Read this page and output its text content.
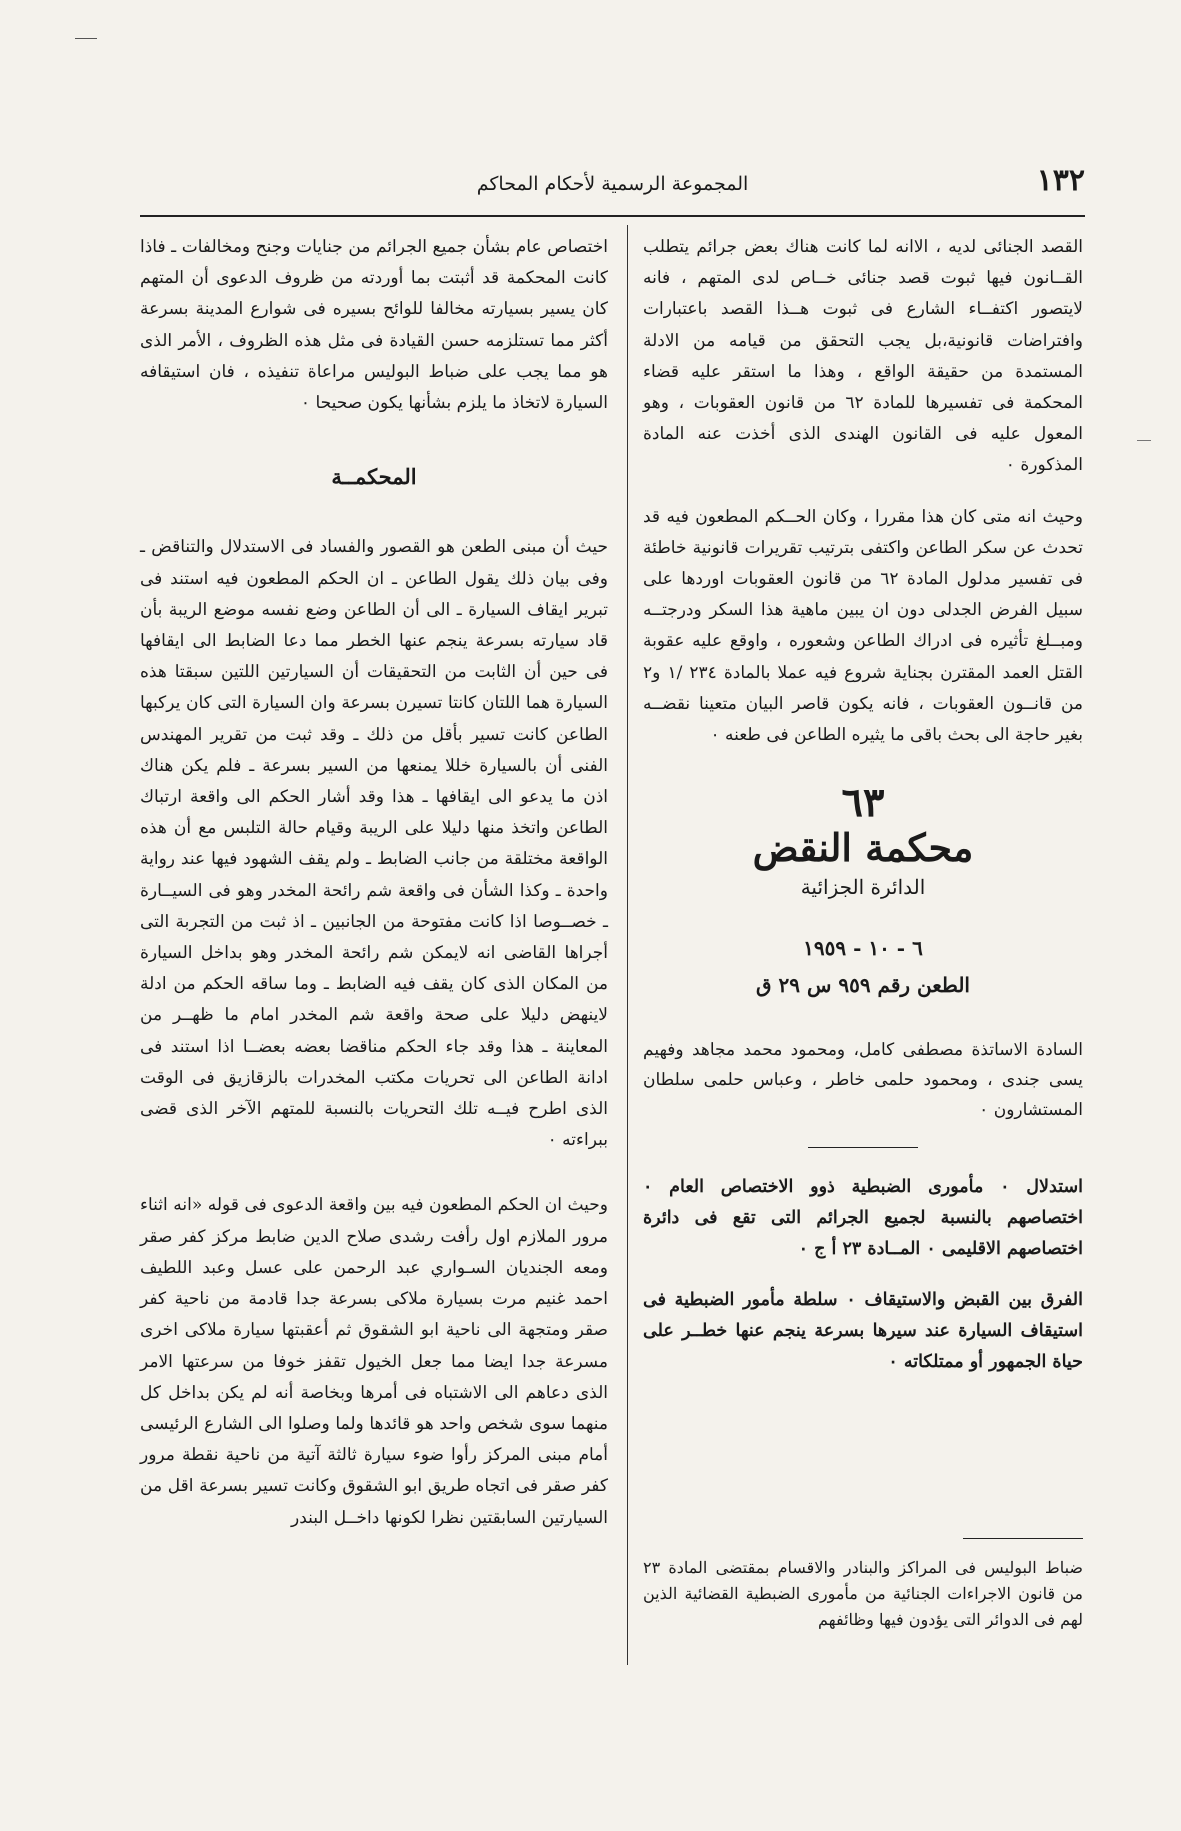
١٣٢
المجموعة الرسمية لأحكام المحاكم

القصد الجنائى لديه ، الاانه لما كانت هناك بعض جرائم يتطلب القــانون فيها ثبوت قصد جنائى خــاص لدى المتهم ، فانه لايتصور اكتفــاء الشارع فى ثبوت هــذا القصد باعتبارات وافتراضات قانونية،بل يجب التحقق من قيامه من الادلة المستمدة من حقيقة الواقع ، وهذا ما استقر عليه قضاء المحكمة فى تفسيرها للمادة ٦٢ من قانون العقوبات ، وهو المعول عليه فى القانون الهندى الذى أخذت عنه المادة المذكورة ٠

وحيث انه متى كان هذا مقررا ، وكان الحــكم المطعون فيه قد تحدث عن سكر الطاعن واكتفى بترتيب تقريرات قانونية خاطئة فى تفسير مدلول المادة ٦٢ من قانون العقوبات اوردها على سبيل الفرض الجدلى دون ان يبين ماهية هذا السكر ودرجتــه ومبــلغ تأثيره فى ادراك الطاعن وشعوره ، واوقع عليه عقوبة القتل العمد المقترن بجناية شروع فيه عملا بالمادة ٢٣٤ /١ و٢ من قانــون العقوبات ، فانه يكون قاصر البيان متعينا نقضــه بغير حاجة الى بحث باقى ما يثيره الطاعن فى طعنه ٠

٦٣
محكمة النقض
الدائرة الجزائية
٦ - ١٠ - ١٩٥٩
الطعن رقم ٩٥٩ س ٢٩ ق

السادة الاساتذة مصطفى كامل، ومحمود محمد مجاهد وفهيم يسى جندى ، ومحمود حلمى خاطر ، وعباس حلمى سلطان المستشارون ٠

استدلال ٠ مأمورى الضبطية ذوو الاختصاص العام ٠ اختصاصهم بالنسبة لجميع الجرائم التى تقع فى دائرة اختصاصهم الاقليمى ٠ المــادة ٢٣ أ ج ٠

الفرق بين القبض والاستيقاف ٠ سلطة مأمور الضبطية فى استيقاف السيارة عند سيرها بسرعة ينجم عنها خطــر على حياة الجمهور أو ممتلكاته ٠

ضباط البوليس فى المراكز والبنادر والاقسام بمقتضى المادة ٢٣ من قانون الاجراءات الجنائية من مأمورى الضبطية القضائية الذين لهم فى الدوائر التى يؤدون فيها وظائفهم

اختصاص عام بشأن جميع الجرائم من جنايات وجنح ومخالفات ـ فاذا كانت المحكمة قد أثبتت بما أوردته من ظروف الدعوى أن المتهم كان يسير بسيارته مخالفا للوائح بسيره فى شوارع المدينة بسرعة أكثر مما تستلزمه حسن القيادة فى مثل هذه الظروف ، الأمر الذى هو مما يجب على ضباط البوليس مراعاة تنفيذه ، فان استيقافه السيارة لاتخاذ ما يلزم بشأنها يكون صحيحا ٠

المحكمــة

حيث أن مبنى الطعن هو القصور والفساد فى الاستدلال والتناقض ـ وفى بيان ذلك يقول الطاعن ـ ان الحكم المطعون فيه استند فى تبرير ايقاف السيارة ـ الى أن الطاعن وضع نفسه موضع الريبة بأن قاد سيارته بسرعة ينجم عنها الخطر مما دعا الضابط الى ايقافها فى حين أن الثابت من التحقيقات أن السيارتين اللتين سبقتا هذه السيارة هما اللتان كانتا تسيرن بسرعة وان السيارة التى كان يركبها الطاعن كانت تسير بأقل من ذلك ـ وقد ثبت من تقرير المهندس الفنى أن بالسيارة خللا يمنعها من السير بسرعة ـ فلم يكن هناك اذن ما يدعو الى ايقافها ـ هذا وقد أشار الحكم الى واقعة ارتباك الطاعن واتخذ منها دليلا على الريبة وقيام حالة التلبس مع أن هذه الواقعة مختلقة من جانب الضابط ـ ولم يقف الشهود فيها عند رواية واحدة ـ وكذا الشأن فى واقعة شم رائحة المخدر وهو فى السيــارة ـ خصــوصا اذا كانت مفتوحة من الجانبين ـ اذ ثبت من التجربة التى أجراها القاضى انه لايمكن شم رائحة المخدر وهو بداخل السيارة من المكان الذى كان يقف فيه الضابط ـ وما ساقه الحكم من ادلة لاينهض دليلا على صحة واقعة شم المخدر امام ما ظهــر من المعاينة ـ هذا وقد جاء الحكم مناقضا بعضه بعضــا اذا استند فى ادانة الطاعن الى تحريات مكتب المخدرات بالزقازيق فى الوقت الذى اطرح فيــه تلك التحريات بالنسبة للمتهم الآخر الذى قضى ببراءته ٠

وحيث ان الحكم المطعون فيه بين واقعة الدعوى فى قوله «انه اثناء مرور الملازم اول رأفت رشدى صلاح الدين ضابط مركز كفر صقر ومعه الجنديان السـواري عبد الرحمن على عسل وعبد اللطيف احمد غنيم مرت بسيارة ملاكى بسرعة جدا قادمة من ناحية كفر صقر ومتجهة الى ناحية ابو الشقوق ثم أعقبتها سيارة ملاكى اخرى مسرعة جدا ايضا مما جعل الخيول تقفز خوفا من سرعتها الامر الذى دعاهم الى الاشتباه فى أمرها وبخاصة أنه لم يكن بداخل كل منهما سوى شخص واحد هو قائدها ولما وصلوا الى الشارع الرئيسى أمام مبنى المركز رأوا ضوء سيارة ثالثة آتية من ناحية نقطة مرور كفر صقر فى اتجاه طريق ابو الشقوق وكانت تسير بسرعة اقل من السيارتين السابقتين نظرا لكونها داخــل البندر
